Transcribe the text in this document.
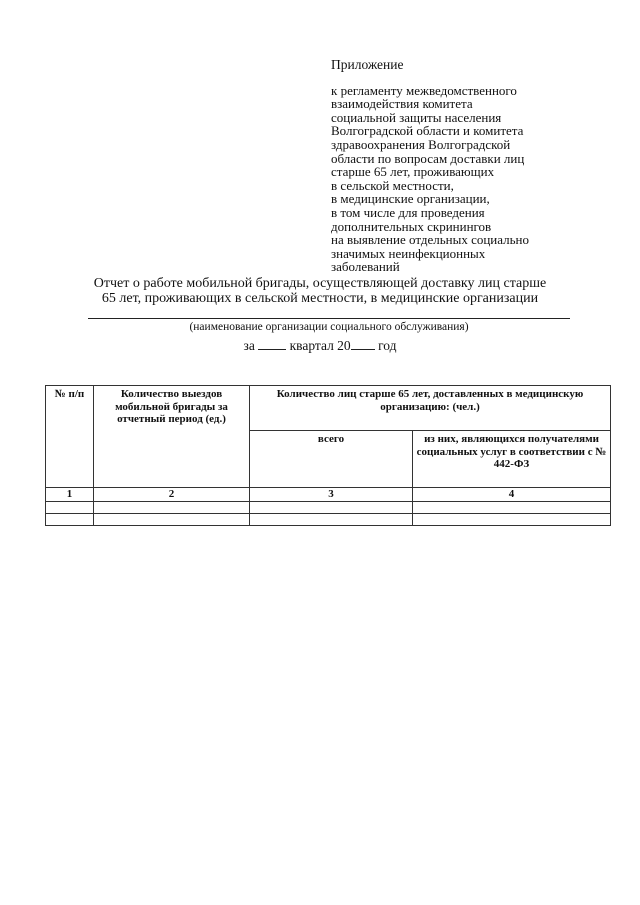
Приложение
к регламенту межведомственного
взаимодействия комитета
социальной защиты населения
Волгоградской области и комитета
здравоохранения Волгоградской
области по вопросам доставки лиц
старше 65 лет, проживающих
в сельской местности,
в медицинские организации,
в том числе для проведения
дополнительных скринингов
на выявление отдельных социально
значимых неинфекционных
заболеваний
Отчет о работе мобильной бригады, осуществляющей доставку лиц старше
65 лет, проживающих в сельской местности, в медицинские организации
(наименование организации социального обслуживания)
за	квартал 20 год
№ п/п	Количество выездов мобильной бригады за отчетный период (ед.)	Количество лиц старше 65 лет, доставленных в медицинскую организацию: (чел.)	
		всего	из них, являющихся получателями социальных услуг в соответствии с № 442-ФЗ
1	2	3	4
